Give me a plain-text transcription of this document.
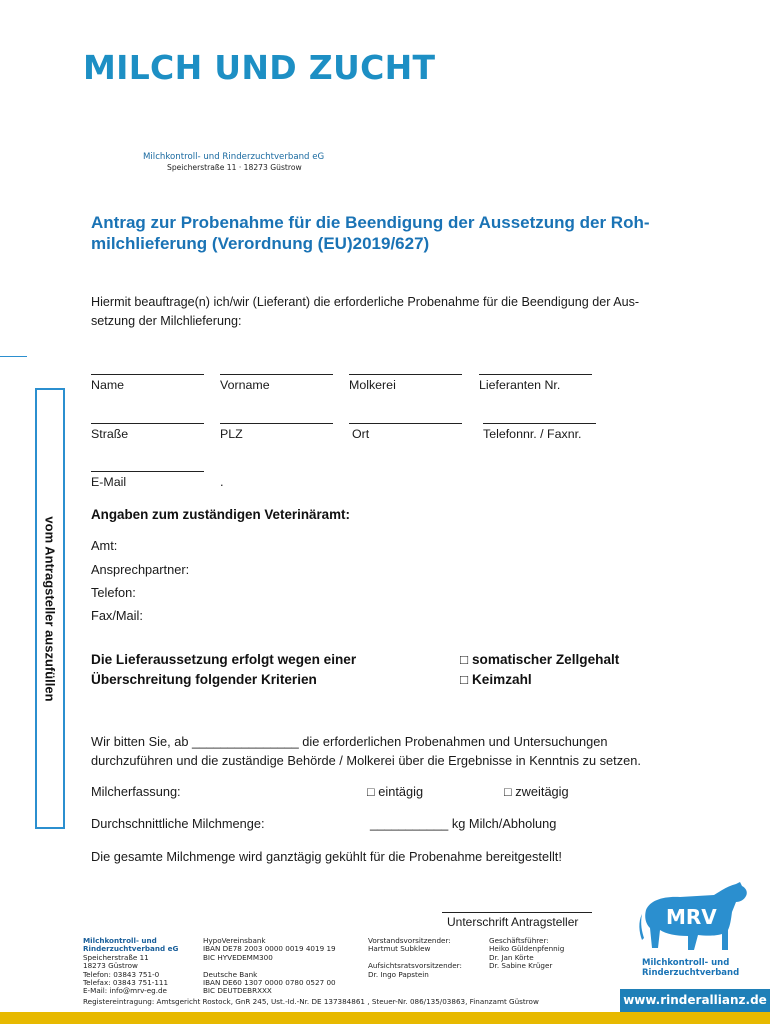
MILCH UND ZUCHT
Milchkontroll- und Rinderzuchtverband eG
Speicherstraße 11 · 18273 Güstrow
Antrag zur Probenahme für die Beendigung der Aussetzung der Roh-
milchlieferung (Verordnung (EU)2019/627)
Hiermit beauftrage(n) ich/wir (Lieferant) die erforderliche Probenahme für die Beendigung der Aus-
setzung der Milchlieferung:
vom Antragsteller auszufüllen
Name	Vorname	Molkerei	Lieferanten Nr.
Straße	PLZ	Ort	Telefonnr. / Faxnr.
E-Mail	.
Angaben zum zuständigen Veterinäramt:
Amt:
Ansprechpartner:
Telefon:
Fax/Mail:
Die Lieferaussetzung erfolgt wegen einer
Überschreitung folgender Kriterien
□ somatischer Zellgehalt
□ Keimzahl
Wir bitten Sie, ab _______________ die erforderlichen Probenahmen und Untersuchungen
durchzuführen und die zuständige Behörde / Molkerei über die Ergebnisse in Kenntnis zu setzen.
Milcherfassung:	□ eintägig	□ zweitägig
Durchschnittliche Milchmenge:	___________ kg Milch/Abholung
Die gesamte Milchmenge wird ganztägig gekühlt für die Probenahme bereitgestellt!
Unterschrift Antragsteller
Milchkontroll- und
Rinderzuchtverband eG
Speicherstraße 11
18273 Güstrow
Telefon: 03843 751-0
Telefax: 03843 751-111
E-Mail: info@mrv-eg.de
HypoVereinsbank
IBAN DE78 2003 0000 0019 4019 19
BIC HYVEDEMM300

Deutsche Bank
IBAN DE60 1307 0000 0780 0527 00
BIC DEUTDEBRXXX
Vorstandsvorsitzender:
Hartmut Subklew

Aufsichtsratsvorsitzender:
Dr. Ingo Papstein
Geschäftsführer:
Heiko Güldenpfennig
Dr. Jan Körte
Dr. Sabine Krüger
MRV
Milchkontroll- und
Rinderzuchtverband
Registereintragung: Amtsgericht Rostock, GnR 245, Ust.-Id.-Nr. DE 137384861 , Steuer-Nr. 086/135/03863, Finanzamt Güstrow	www.rinderallianz.de
